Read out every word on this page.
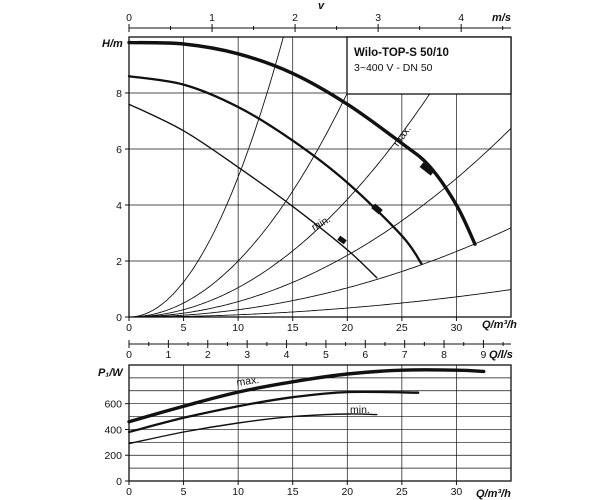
0	5	10	15	20	25	30
0
2
4
6
8
0	1	2	3	4
Wilo-TOP-S 50/10
3~400 V - DN 50
H/m
Q/m³/h
v
m/s
max.
min.
0	5	10	15	20	25	30
0
200
400
600
0	1	2	3	4	5	6	7	8	9
P₁/W
Q/m³/h
Q/l/s
max.
min.
